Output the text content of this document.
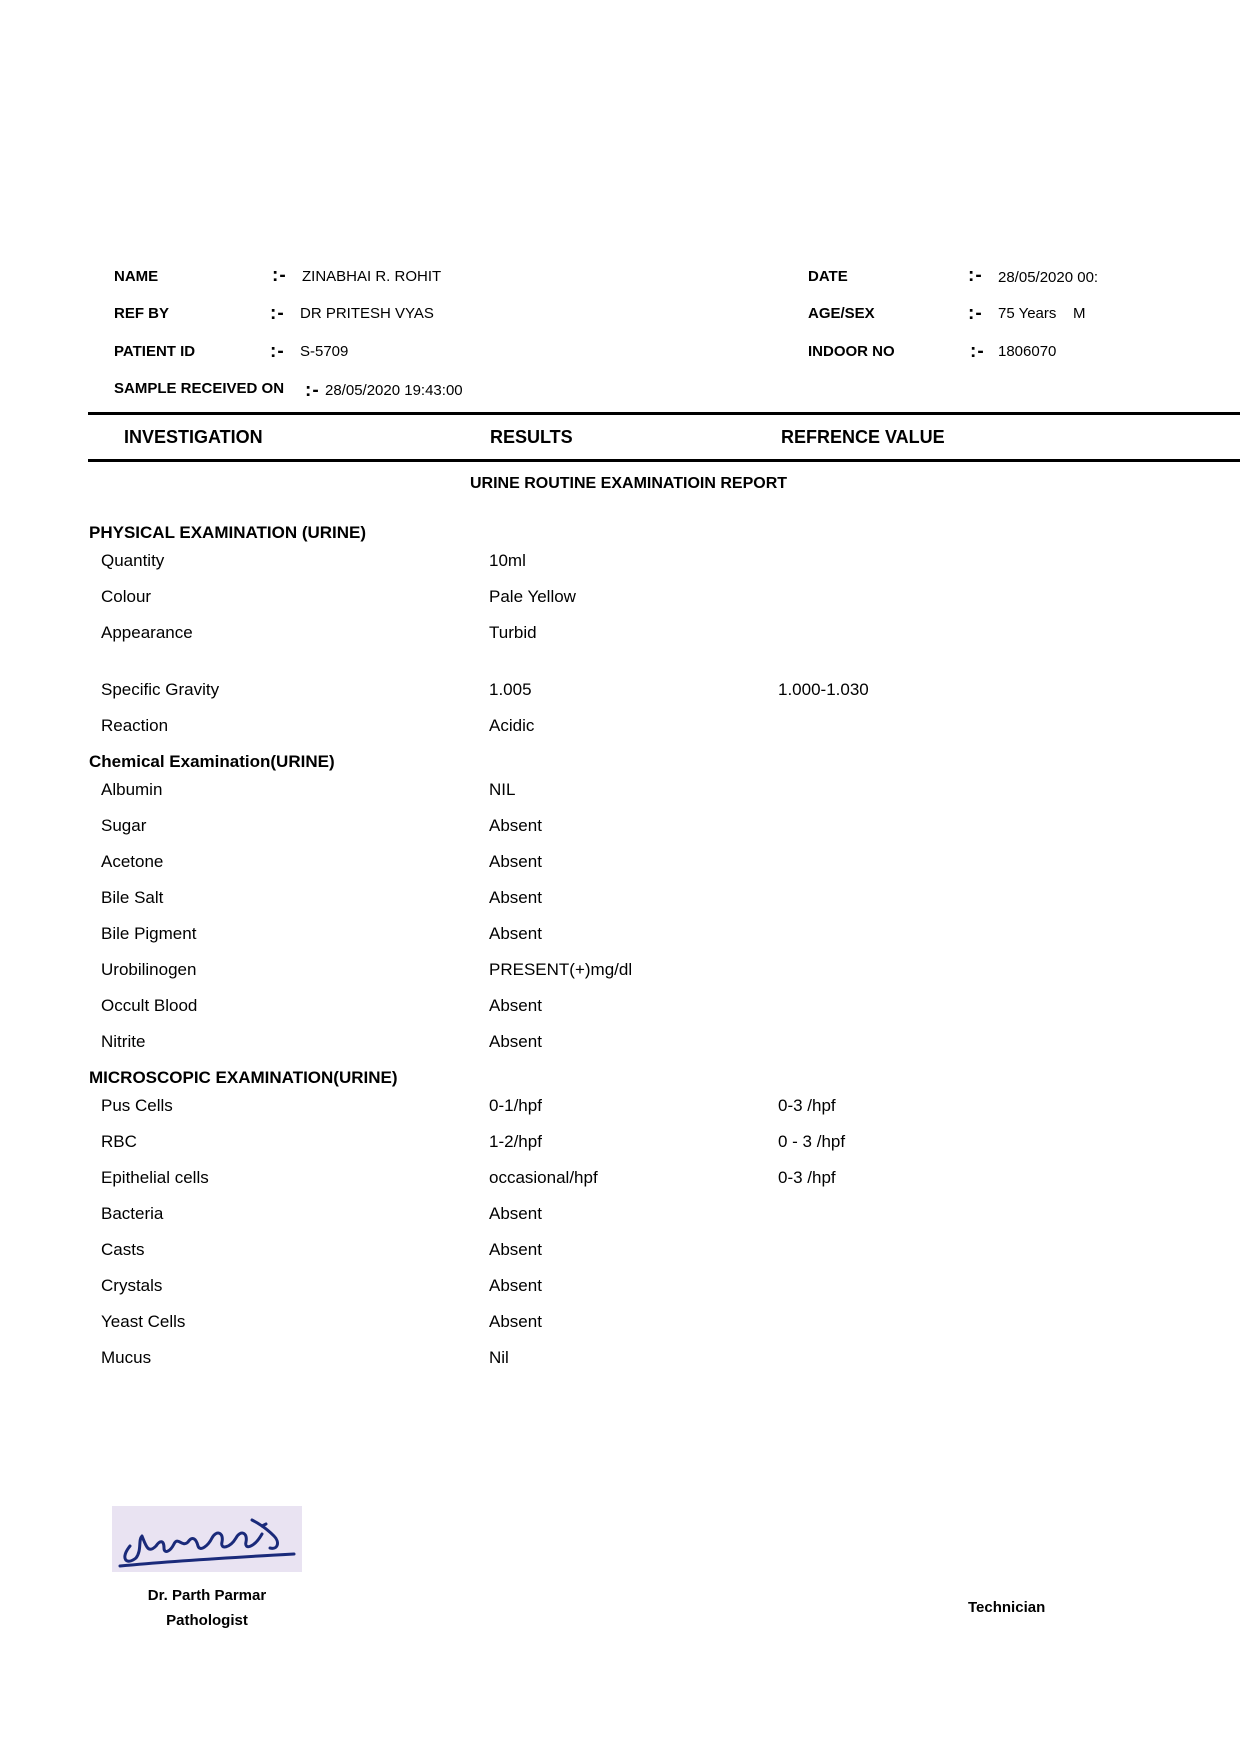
NAME	:- ZINABHAI R. ROHIT
REF BY	:- DR PRITESH VYAS
PATIENT ID	:- S-5709
SAMPLE RECEIVED ON :- 28/05/2020 19:43:00
DATE	:- 28/05/2020 00:
AGE/SEX	:- 75 Years    M
INDOOR NO	:- 1806070
INVESTIGATION	RESULTS	REFRENCE VALUE
URINE ROUTINE EXAMINATIOIN REPORT
PHYSICAL EXAMINATION (URINE)
Quantity	10ml
Colour	Pale Yellow
Appearance	Turbid
Specific Gravity	1.005	1.000-1.030
Reaction	Acidic
Chemical Examination(URINE)
Albumin	NIL
Sugar	Absent
Acetone	Absent
Bile Salt	Absent
Bile Pigment	Absent
Urobilinogen	PRESENT(+)mg/dl
Occult Blood	Absent
Nitrite	Absent
MICROSCOPIC EXAMINATION(URINE)
Pus Cells	0-1/hpf	0-3 /hpf
RBC	1-2/hpf	0 - 3 /hpf
Epithelial cells	occasional/hpf	0-3 /hpf
Bacteria	Absent
Casts	Absent
Crystals	Absent
Yeast Cells	Absent
Mucus	Nil
Dr. Parth Parmar
Pathologist
Technician
